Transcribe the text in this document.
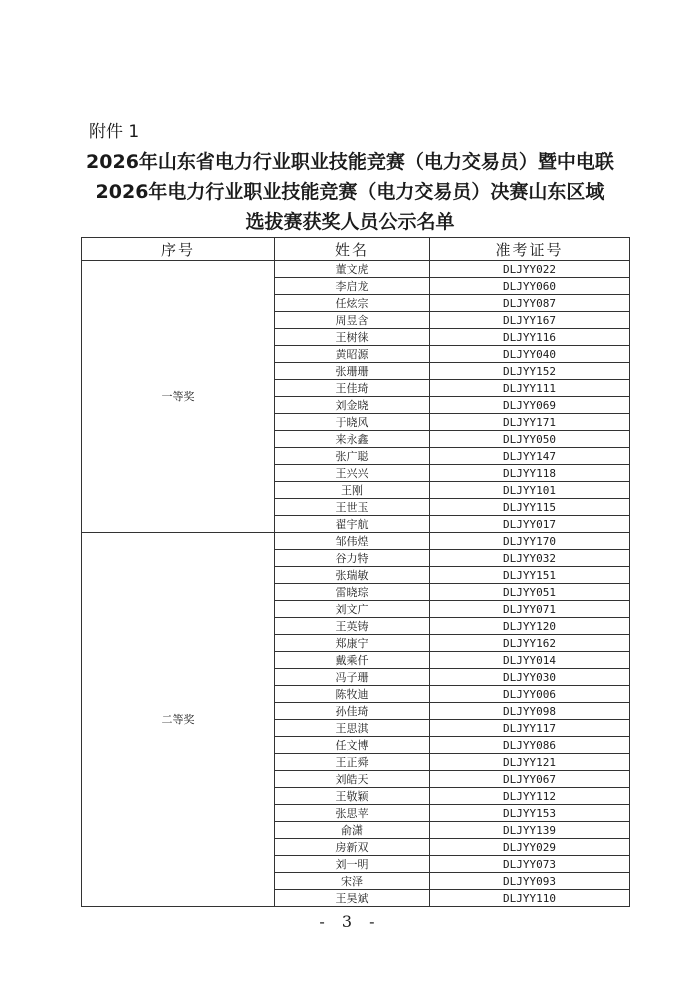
附件 1
2026年山东省电力行业职业技能竞赛（电力交易员）暨中电联
2026年电力行业职业技能竞赛（电力交易员）决赛山东区域
选拔赛获奖人员公示名单
序号	姓名	准考证号
一等奖	董文虎	DLJYY022
	李启龙	DLJYY060
	任炫宗	DLJYY087
	周昱含	DLJYY167
	王树徕	DLJYY116
	黄昭源	DLJYY040
	张珊珊	DLJYY152
	王佳琦	DLJYY111
	刘金晓	DLJYY069
	于晓风	DLJYY171
	来永鑫	DLJYY050
	张广聪	DLJYY147
	王兴兴	DLJYY118
	王刚	DLJYY101
	王世玉	DLJYY115
	翟宇航	DLJYY017
二等奖	邹伟煌	DLJYY170
	谷力特	DLJYY032
	张瑞敏	DLJYY151
	雷晓琮	DLJYY051
	刘文广	DLJYY071
	王英铸	DLJYY120
	郑康宁	DLJYY162
	戴乘仟	DLJYY014
	冯子珊	DLJYY030
	陈牧迪	DLJYY006
	孙佳琦	DLJYY098
	王思淇	DLJYY117
	任文博	DLJYY086
	王正舜	DLJYY121
	刘皓天	DLJYY067
	王敬颖	DLJYY112
	张思苹	DLJYY153
	俞潇	DLJYY139
	房新双	DLJYY029
	刘一明	DLJYY073
	宋泽	DLJYY093
	王昊斌	DLJYY110
- 3 -
